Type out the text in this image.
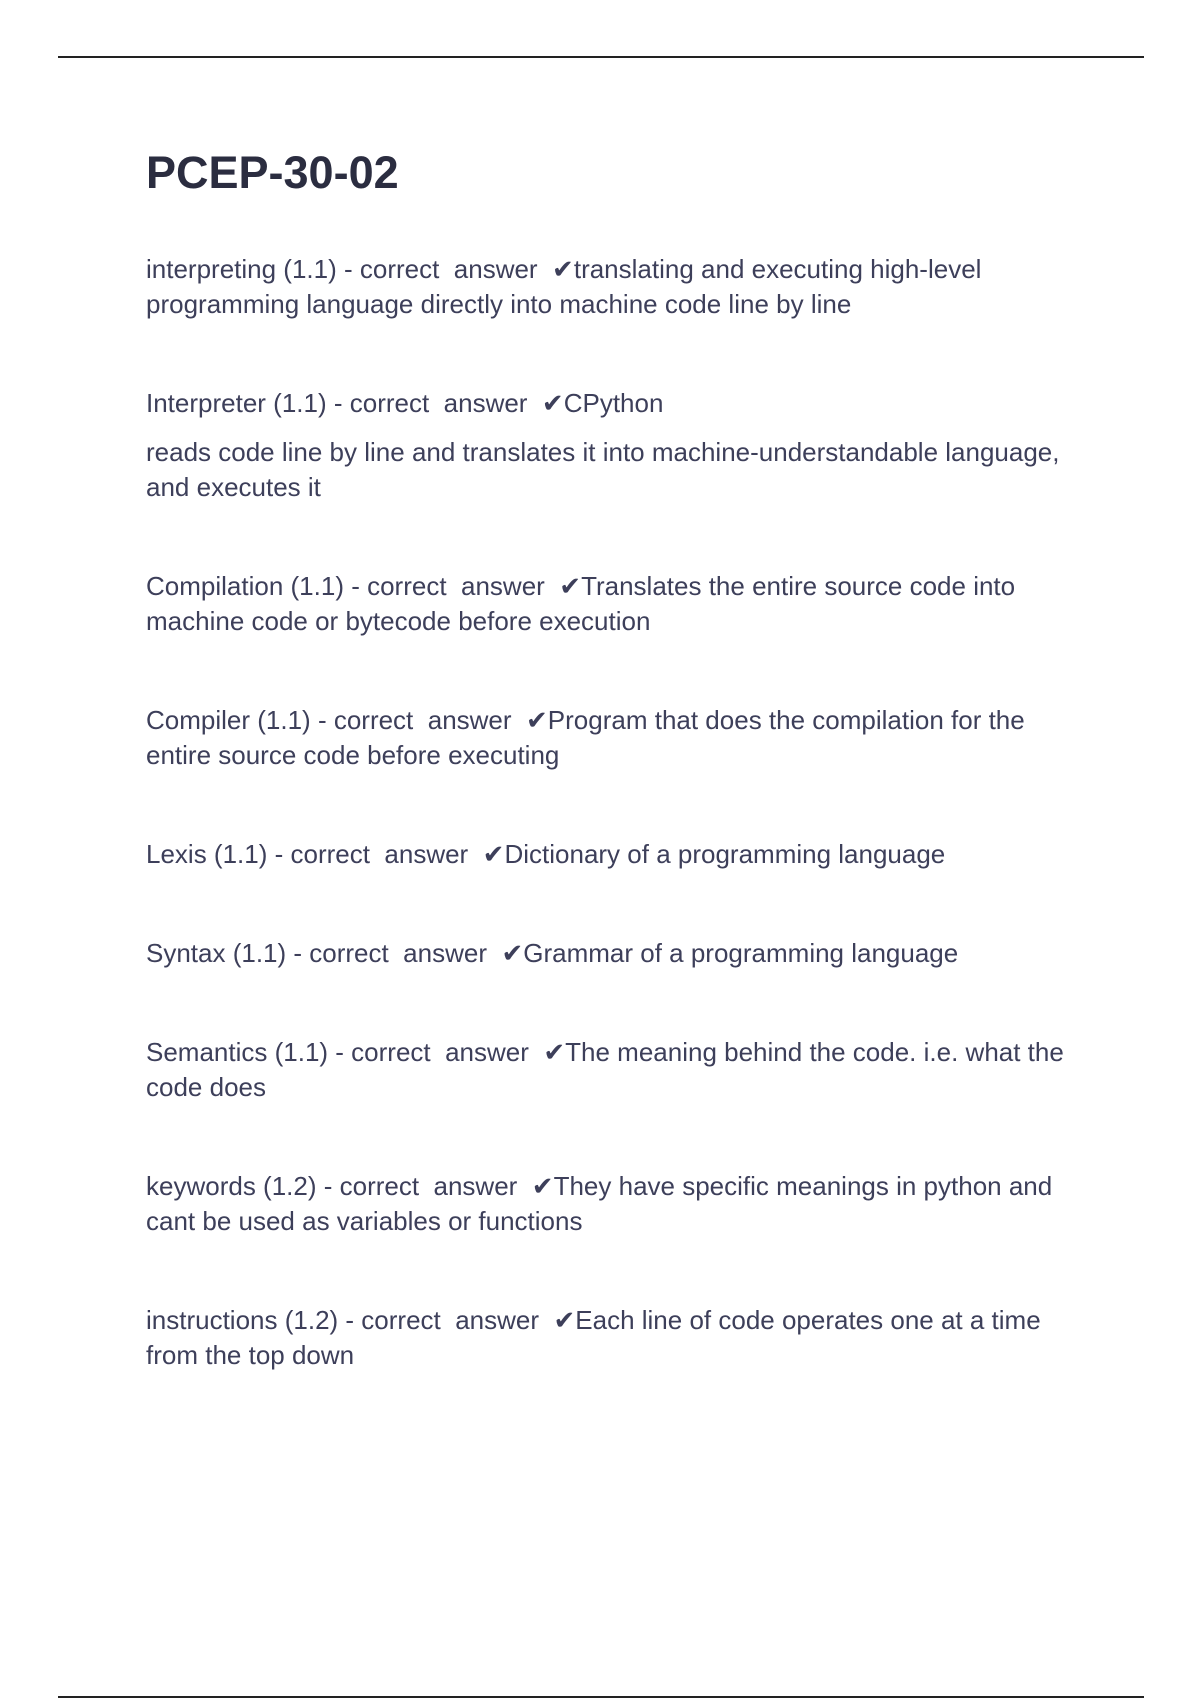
PCEP-30-02
interpreting (1.1) - correct  answer  ✔translating and executing high-level programming language directly into machine code line by line
Interpreter (1.1) - correct  answer  ✔CPython

reads code line by line and translates it into machine-understandable language, and executes it

Compilation (1.1) - correct  answer  ✔Translates the entire source code into machine code or bytecode before execution
Compiler (1.1) - correct  answer  ✔Program that does the compilation for the entire source code before executing
Lexis (1.1) - correct  answer  ✔Dictionary of a programming language
Syntax (1.1) - correct  answer  ✔Grammar of a programming language
Semantics (1.1) - correct  answer  ✔The meaning behind the code. i.e. what the code does
keywords (1.2) - correct  answer  ✔They have specific meanings in python and cant be used as variables or functions
instructions (1.2) - correct  answer  ✔Each line of code operates one at a time from the top down
